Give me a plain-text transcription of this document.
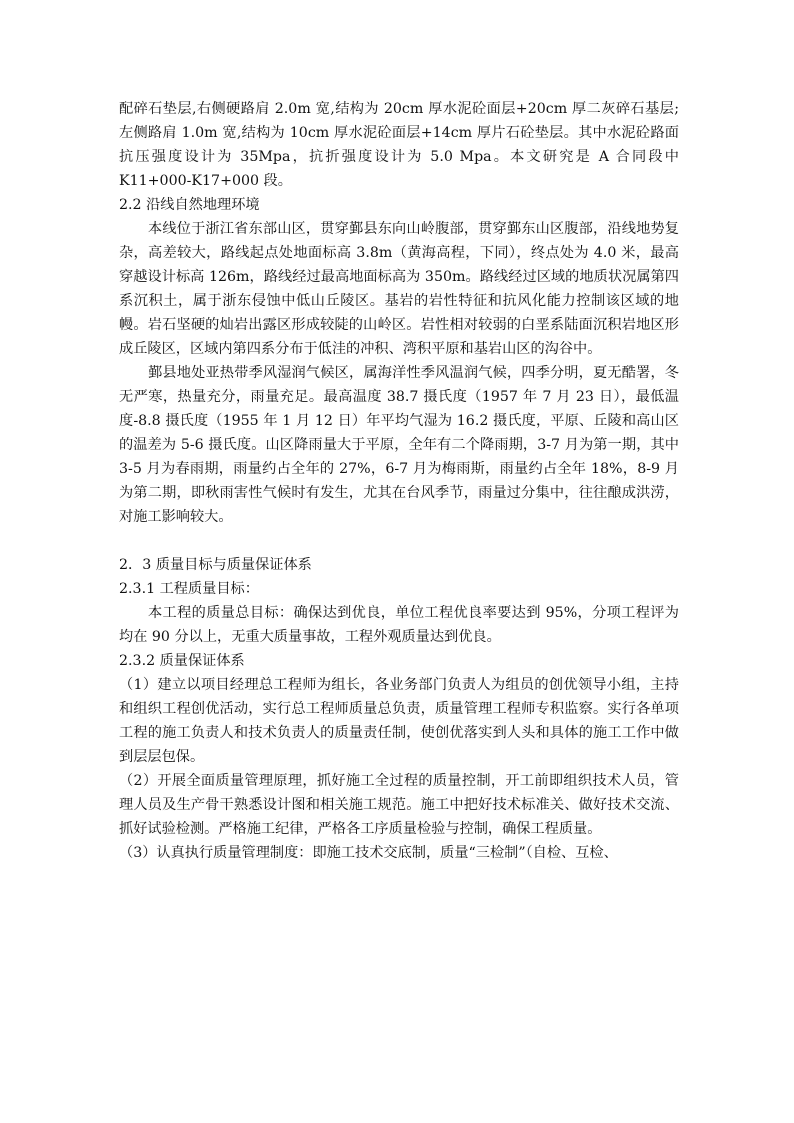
配碎石垫层,右侧硬路肩 2.0m 宽,结构为 20cm 厚水泥砼面层+20cm 厚二灰碎石基层;左侧路肩 1.0m 宽,结构为 10cm 厚水泥砼面层+14cm 厚片石砼垫层。其中水泥砼路面抗压强度设计为 35Mpa，抗折强度设计为 5.0 Mpa。本文研究是 A 合同段中 K11+000-K17+000 段。

2.2 沿线自然地理环境

本线位于浙江省东部山区，贯穿鄞县东向山岭腹部，贯穿鄞东山区腹部，沿线地势复杂，高差较大，路线起点处地面标高 3.8m（黄海高程，下同），终点处为 4.0 米，最高穿越设计标高 126m，路线经过最高地面标高为 350m。路线经过区域的地质状况属第四系沉积土，属于浙东侵蚀中低山丘陵区。基岩的岩性特征和抗风化能力控制该区域的地幔。岩石坚硬的灿岩出露区形成较陡的山岭区。岩性相对较弱的白垩系陆面沉积岩地区形成丘陵区，区域内第四系分布于低洼的冲积、湾积平原和基岩山区的沟谷中。

鄞县地处亚热带季风湿润气候区，属海洋性季风温润气候，四季分明，夏无酷署，冬无严寒，热量充分，雨量充足。最高温度 38.7 摄氏度（1957 年 7 月 23 日），最低温度-8.8 摄氏度（1955 年 1 月 12 日）年平均气湿为 16.2 摄氏度，平原、丘陵和高山区的温差为 5-6 摄氏度。山区降雨量大于平原，全年有二个降雨期，3-7 月为第一期，其中 3-5 月为春雨期，雨量约占全年的 27%，6-7 月为梅雨斯，雨量约占全年 18%，8-9 月为第二期，即秋雨害性气候时有发生，尤其在台风季节，雨量过分集中，往往酿成洪涝，对施工影响较大。

2．3 质量目标与质量保证体系

2.3.1 工程质量目标：

本工程的质量总目标：确保达到优良，单位工程优良率要达到 95%，分项工程评为均在 90 分以上，无重大质量事故，工程外观质量达到优良。

2.3.2 质量保证体系

（1）建立以项目经理总工程师为组长，各业务部门负责人为组员的创优领导小组，主持和组织工程创优活动，实行总工程师质量总负责，质量管理工程师专积监察。实行各单项工程的施工负责人和技术负责人的质量责任制，使创优落实到人头和具体的施工工作中做到层层包保。

（2）开展全面质量管理原理，抓好施工全过程的质量控制，开工前即组织技术人员，管理人员及生产骨干熟悉设计图和相关施工规范。施工中把好技术标准关、做好技术交流、抓好试验检测。严格施工纪律，严格各工序质量检验与控制，确保工程质量。

（3）认真执行质量管理制度：即施工技术交底制，质量“三检制”（自检、互检、
